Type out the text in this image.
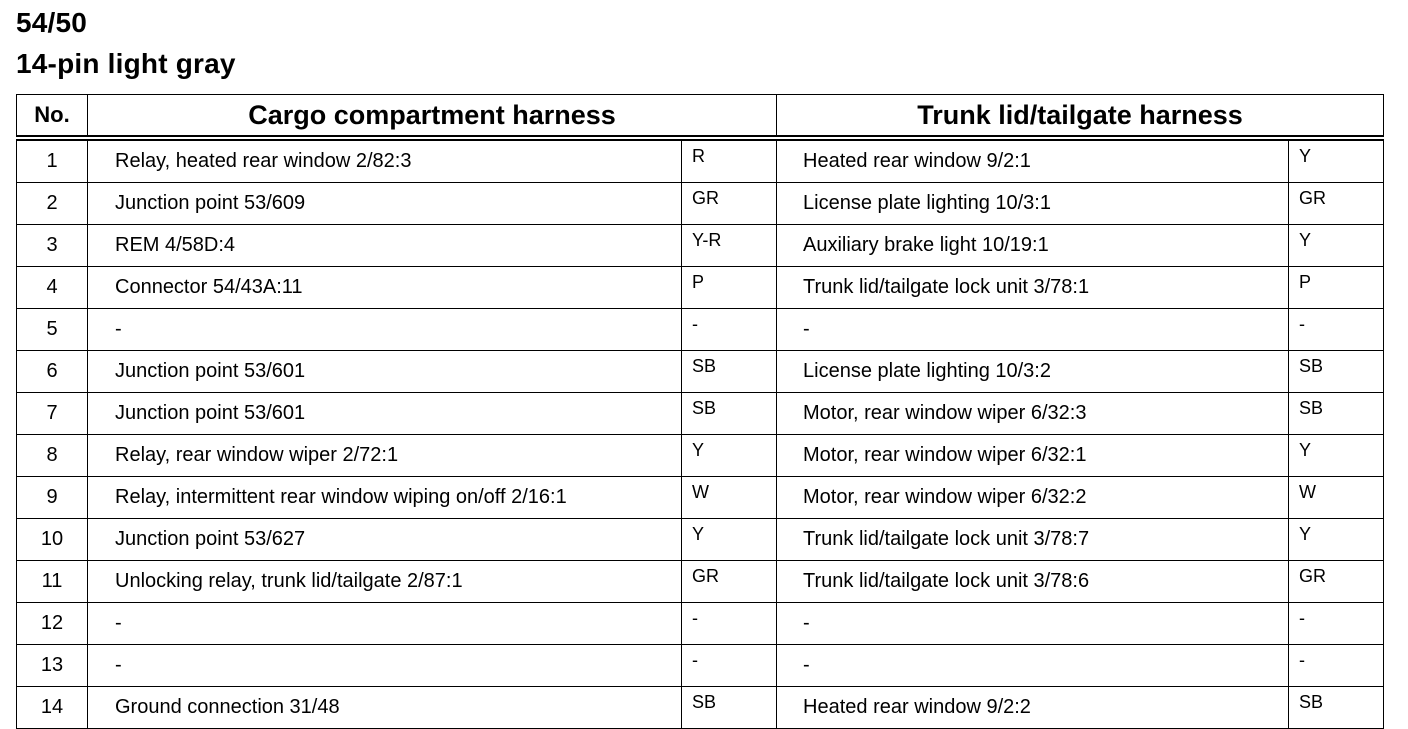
54/50
14-pin light gray
No.	Cargo compartment harness		Trunk lid/tailgate harness	
1	Relay, heated rear window 2/82:3	R	Heated rear window 9/2:1	Y
2	Junction point 53/609	GR	License plate lighting 10/3:1	GR
3	REM 4/58D:4	Y-R	Auxiliary brake light 10/19:1	Y
4	Connector 54/43A:11	P	Trunk lid/tailgate lock unit 3/78:1	P
5	-	-	-	-
6	Junction point 53/601	SB	License plate lighting 10/3:2	SB
7	Junction point 53/601	SB	Motor, rear window wiper 6/32:3	SB
8	Relay, rear window wiper 2/72:1	Y	Motor, rear window wiper 6/32:1	Y
9	Relay, intermittent rear window wiping on/off 2/16:1	W	Motor, rear window wiper 6/32:2	W
10	Junction point 53/627	Y	Trunk lid/tailgate lock unit 3/78:7	Y
11	Unlocking relay, trunk lid/tailgate 2/87:1	GR	Trunk lid/tailgate lock unit 3/78:6	GR
12	-	-	-	-
13	-	-	-	-
14	Ground connection 31/48	SB	Heated rear window 9/2:2	SB
